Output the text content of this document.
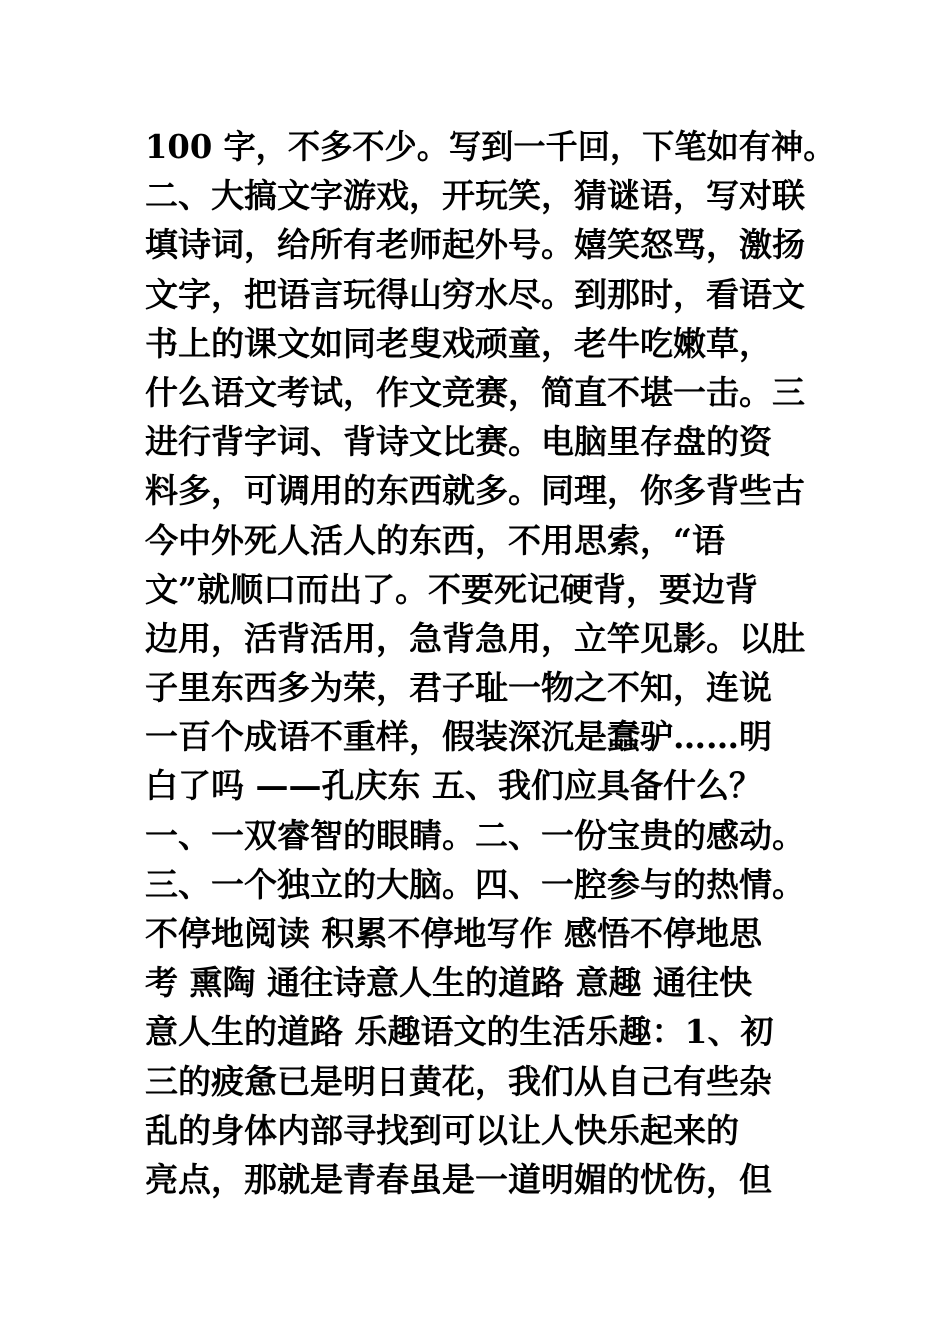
100 字，不多不少。写到一千回，下笔如有神。
二、大搞文字游戏，开玩笑，猜谜语，写对联
填诗词，给所有老师起外号。嬉笑怒骂，激扬
文字，把语言玩得山穷水尽。到那时，看语文
书上的课文如同老叟戏顽童，老牛吃嫩草，
什么语文考试，作文竞赛，简直不堪一击。三
进行背字词、背诗文比赛。电脑里存盘的资
料多，可调用的东西就多。同理，你多背些古
今中外死人活人的东西，不用思索，“语
文”就顺口而出了。不要死记硬背，要边背
边用，活背活用，急背急用，立竿见影。以肚
子里东西多为荣，君子耻一物之不知，连说
一百个成语不重样，假装深沉是蠢驴……明
白了吗 ——孔庆东 五、我们应具备什么？
一、一双睿智的眼睛。二、一份宝贵的感动。
三、一个独立的大脑。四、一腔参与的热情。
不停地阅读 积累不停地写作 感悟不停地思
考 熏陶 通往诗意人生的道路 意趣 通往快
意人生的道路 乐趣语文的生活乐趣：1、初
三的疲惫已是明日黄花，我们从自己有些杂
乱的身体内部寻找到可以让人快乐起来的
亮点，那就是青春虽是一道明媚的忧伤，但
